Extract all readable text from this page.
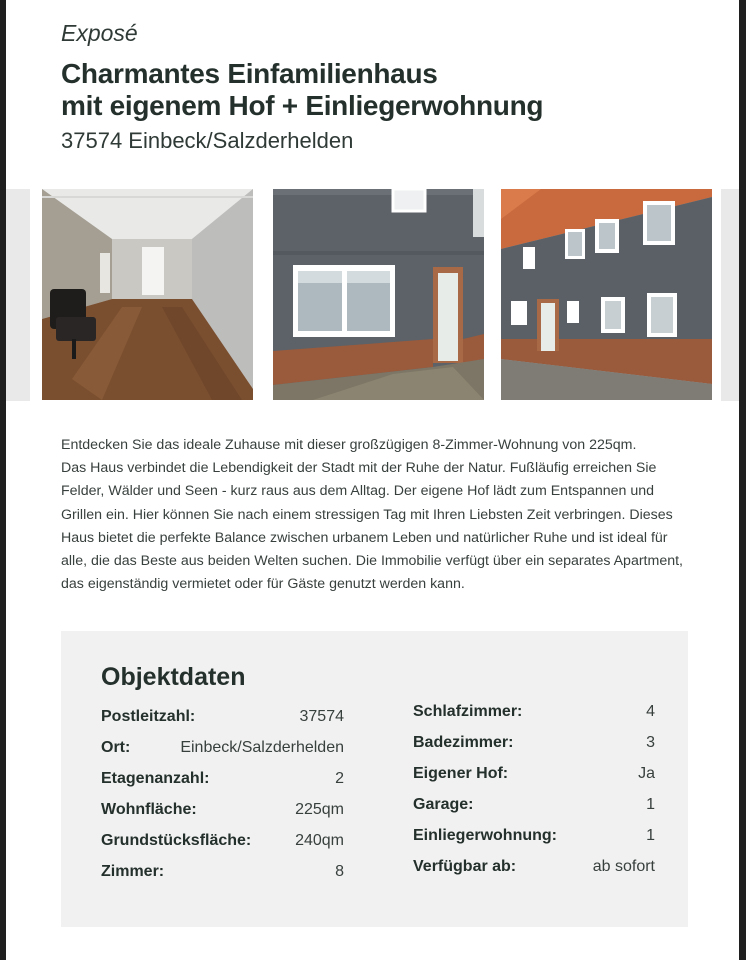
Exposé
Charmantes Einfamilienhaus
mit eigenem Hof + Einliegerwohnung
37574 Einbeck/Salzderhelden

Entdecken Sie das ideale Zuhause mit dieser großzügigen 8-Zimmer-Wohnung von 225qm.

Das Haus verbindet die Lebendigkeit der Stadt mit der Ruhe der Natur. Fußläufig erreichen Sie Felder, Wälder und Seen - kurz raus aus dem Alltag. Der eigene Hof lädt zum Entspannen und Grillen ein. Hier können Sie nach einem stressigen Tag mit Ihren Liebsten Zeit verbringen. Dieses Haus bietet die perfekte Balance zwischen urbanem Leben und natürlicher Ruhe und ist ideal für alle, die das Beste aus beiden Welten suchen. Die Immobilie verfügt über ein separates Apartment, das eigenständig vermietet oder für Gäste genutzt werden kann.

Objektdaten
Postleitzahl:	37574
Ort:	Einbeck/Salzderhelden
Etagenanzahl:	2
Wohnfläche:	225qm
Grundstücksfläche:	240qm
Zimmer:	8
Schlafzimmer:	4
Badezimmer:	3
Eigener Hof:	Ja
Garage:	1
Einliegerwohnung:	1
Verfügbar ab:	ab sofort
